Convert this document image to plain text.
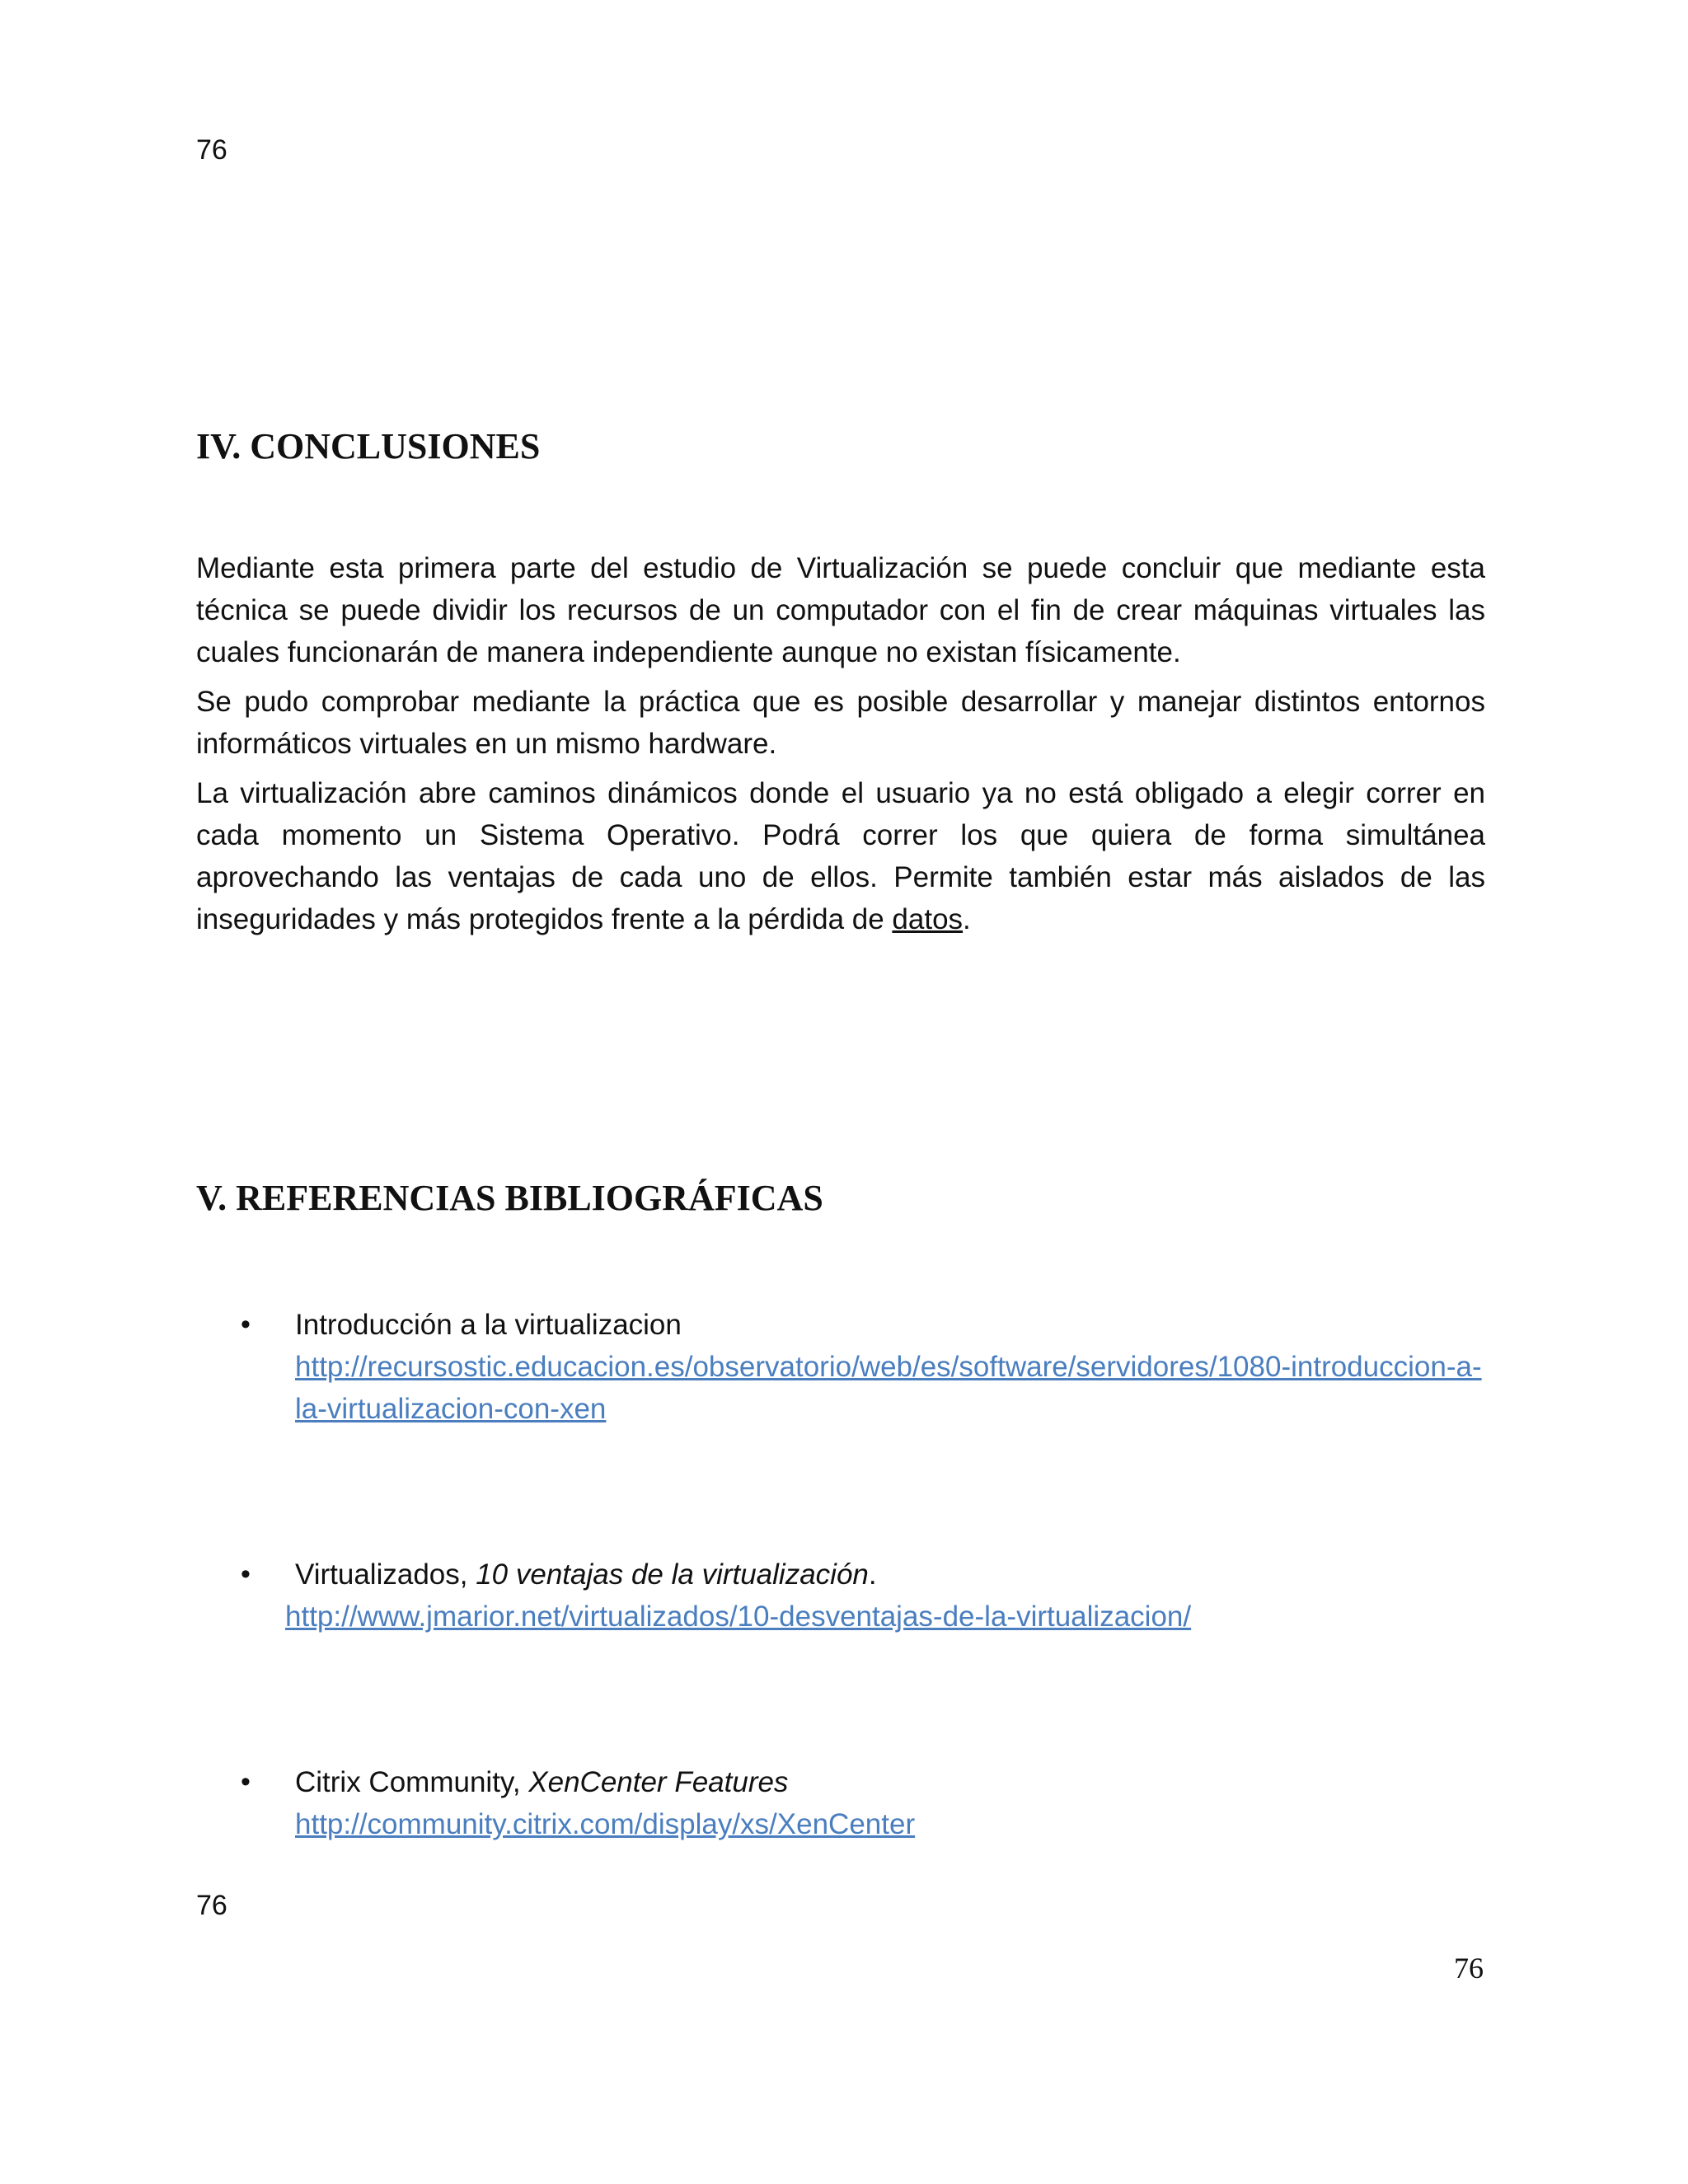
76
IV. CONCLUSIONES

Mediante esta primera parte del estudio de Virtualización se puede concluir que mediante esta técnica se puede dividir los recursos de un computador con el fin de crear máquinas virtuales las cuales funcionarán de manera independiente aunque no existan físicamente.

Se pudo comprobar mediante la práctica que es posible desarrollar y manejar distintos entornos informáticos virtuales en un mismo hardware.

La virtualización abre caminos dinámicos donde el usuario ya no está obligado a elegir correr en cada momento un Sistema Operativo. Podrá correr los que quiera de forma simultánea aprovechando las ventajas de cada uno de ellos. Permite también estar más aislados de las inseguridades y más protegidos frente a la pérdida de datos.

V. REFERENCIAS BIBLIOGRÁFICAS
• Introducción a la virtualizacion
http://recursostic.educacion.es/observatorio/web/es/software/servidores/1080-introduccion-a-la-virtualizacion-con-xen
• Virtualizados, 10 ventajas de la virtualización.
http://www.jmarior.net/virtualizados/10-desventajas-de-la-virtualizacion/
• Citrix Community, XenCenter Features
http://community.citrix.com/display/xs/XenCenter
76
76
